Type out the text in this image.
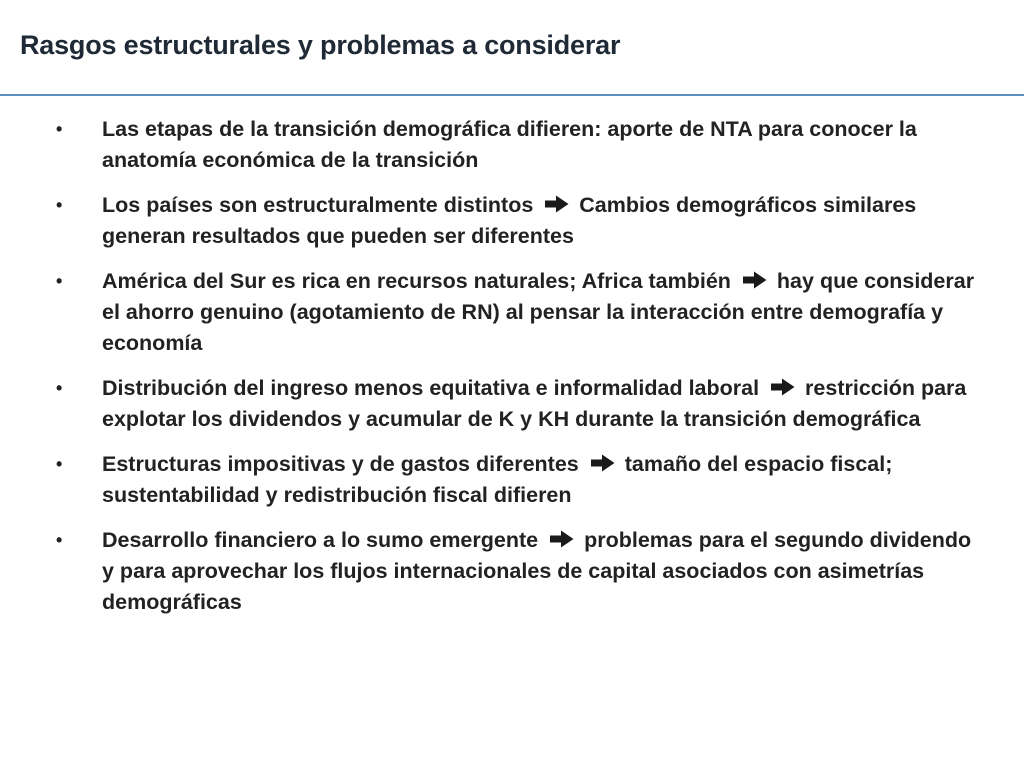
Rasgos estructurales y problemas a considerar
• Las etapas de la transición demográfica difieren: aporte de NTA para conocer la anatomía económica de la transición
• Los países son estructuralmente distintos Cambios demográficos similares generan resultados que pueden ser diferentes
• América del Sur es rica en recursos naturales; Africa también hay que considerar el ahorro genuino (agotamiento de RN) al pensar la interacción entre demografía y economía
• Distribución del ingreso menos equitativa e informalidad laboral restricción para explotar los dividendos y acumular de K y KH durante la transición demográfica
• Estructuras impositivas y de gastos diferentes tamaño del espacio fiscal; sustentabilidad y redistribución fiscal difieren
• Desarrollo financiero a lo sumo emergente problemas para el segundo dividendo y para aprovechar los flujos internacionales de capital asociados con asimetrías demográficas
